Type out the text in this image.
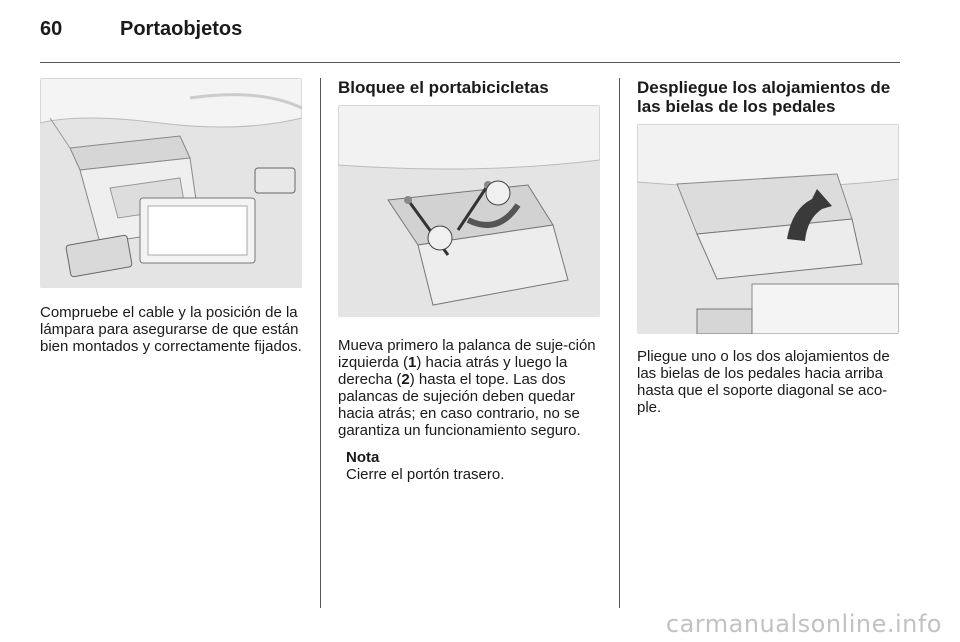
60	Portaobjetos

Compruebe el cable y la posición de la lámpara para asegurarse de que están bien montados y correctamente fijados.

Bloquee el portabicicletas

Mueva primero la palanca de suje-ción izquierda (1) hacia atrás y luego la derecha (2) hasta el tope. Las dos palancas de sujeción deben quedar hacia atrás; en caso contrario, no se garantiza un funcionamiento seguro.

Nota
Cierre el portón trasero.
Despliegue los alojamientos de las bielas de los pedales

Pliegue uno o los dos alojamientos de las bielas de los pedales hacia arriba hasta que el soporte diagonal se aco-ple.

carmanualsonline.info
